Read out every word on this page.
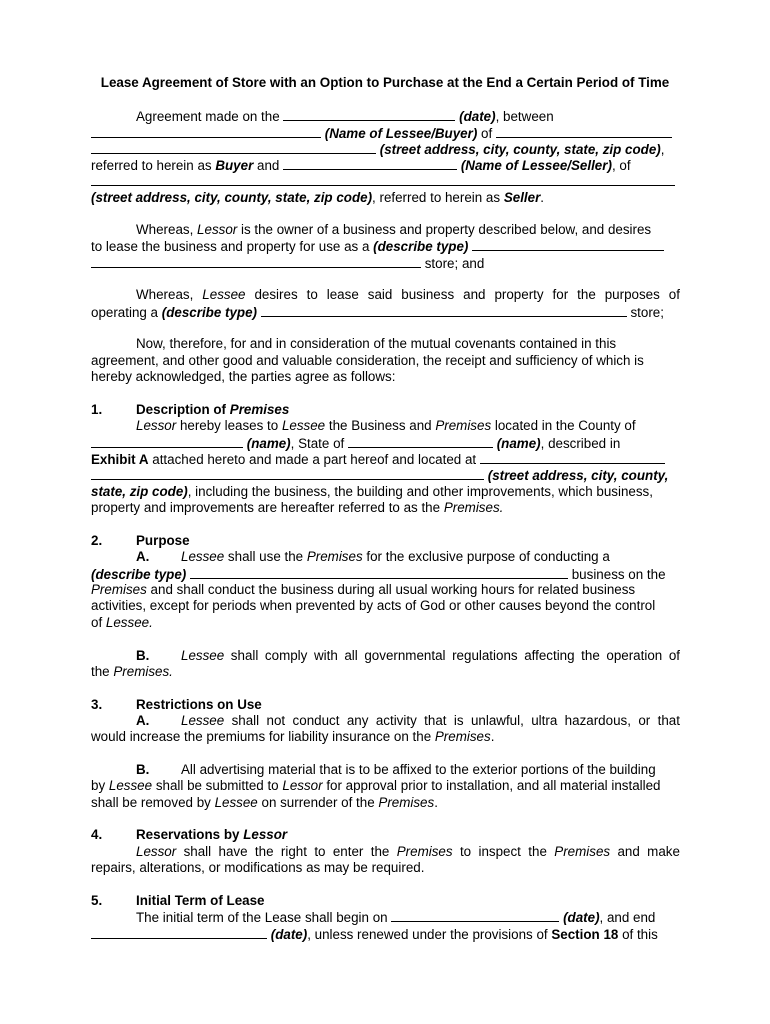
Lease Agreement of Store with an Option to Purchase at the End a Certain Period of Time
Agreement made on the	(date), between
(Name of Lessee/Buyer) of
(street address, city, county, state, zip code),
referred to herein as Buyer and	(Name of Lessee/Seller), of
(street address, city, county, state, zip code), referred to herein as Seller.
Whereas, Lessor is the owner of a business and property described below, and desires
to lease the business and property for use as a (describe type)
store; and
Whereas, Lessee desires to lease said business and property for the purposes of
operating a (describe type)	store;
Now, therefore, for and in consideration of the mutual covenants contained in this
agreement, and other good and valuable consideration, the receipt and sufficiency of which is
hereby acknowledged, the parties agree as follows:
1.	Description of Premises
Lessor hereby leases to Lessee the Business and Premises located in the County of
(name), State of	(name), described in
Exhibit A attached hereto and made a part hereof and located at
(street address, city, county,
state, zip code), including the business, the building and other improvements, which business,
property and improvements are hereafter referred to as the Premises.
2.	Purpose
A. Lessee shall use the Premises for the exclusive purpose of conducting a
(describe type)	business on the
Premises and shall conduct the business during all usual working hours for related business
activities, except for periods when prevented by acts of God or other causes beyond the control
of Lessee.
B. Lessee shall comply with all governmental regulations affecting the operation of
the Premises.
3.	Restrictions on Use
A. Lessee shall not conduct any activity that is unlawful, ultra hazardous, or that
would increase the premiums for liability insurance on the Premises.
B. All advertising material that is to be affixed to the exterior portions of the building
by Lessee shall be submitted to Lessor for approval prior to installation, and all material installed
shall be removed by Lessee on surrender of the Premises.
4.	Reservations by Lessor
Lessor shall have the right to enter the Premises to inspect the Premises and make
repairs, alterations, or modifications as may be required.
5.	Initial Term of Lease
The initial term of the Lease shall begin on	(date), and end
(date), unless renewed under the provisions of Section 18 of this
